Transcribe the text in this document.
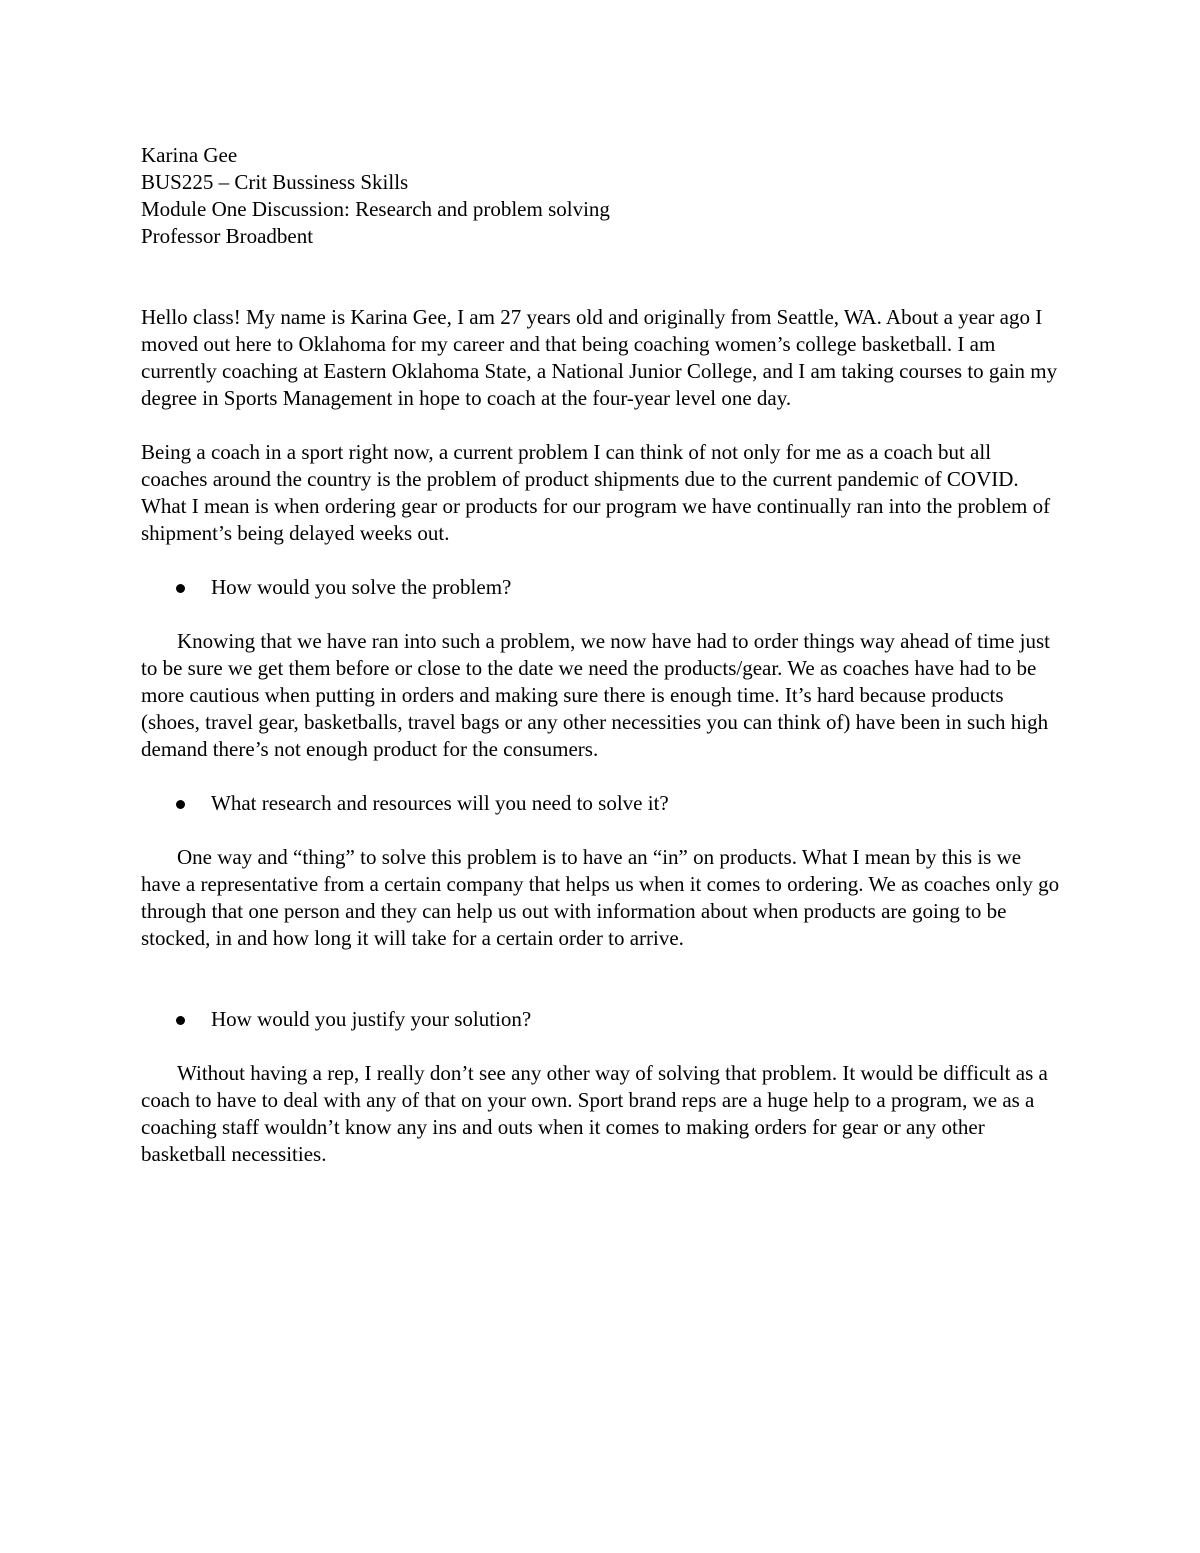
Karina Gee

BUS225 – Crit Bussiness Skills

Module One Discussion: Research and problem solving

Professor Broadbent

Hello class! My name is Karina Gee, I am 27 years old and originally from Seattle, WA. About a year ago I moved out here to Oklahoma for my career and that being coaching women’s college basketball. I am currently coaching at Eastern Oklahoma State, a National Junior College, and I am taking courses to gain my degree in Sports Management in hope to coach at the four-year level one day.

Being a coach in a sport right now, a current problem I can think of not only for me as a coach but all coaches around the country is the problem of product shipments due to the current pandemic of COVID. What I mean is when ordering gear or products for our program we have continually ran into the problem of shipment’s being delayed weeks out.

How would you solve the problem?

Knowing that we have ran into such a problem, we now have had to order things way ahead of time just to be sure we get them before or close to the date we need the products/gear. We as coaches have had to be more cautious when putting in orders and making sure there is enough time. It’s hard because products (shoes, travel gear, basketballs, travel bags or any other necessities you can think of) have been in such high demand there’s not enough product for the consumers.

What research and resources will you need to solve it?

One way and “thing” to solve this problem is to have an “in” on products. What I mean by this is we have a representative from a certain company that helps us when it comes to ordering. We as coaches only go through that one person and they can help us out with information about when products are going to be stocked, in and how long it will take for a certain order to arrive.

How would you justify your solution?

Without having a rep, I really don’t see any other way of solving that problem. It would be difficult as a coach to have to deal with any of that on your own. Sport brand reps are a huge help to a program, we as a coaching staff wouldn’t know any ins and outs when it comes to making orders for gear or any other basketball necessities.
